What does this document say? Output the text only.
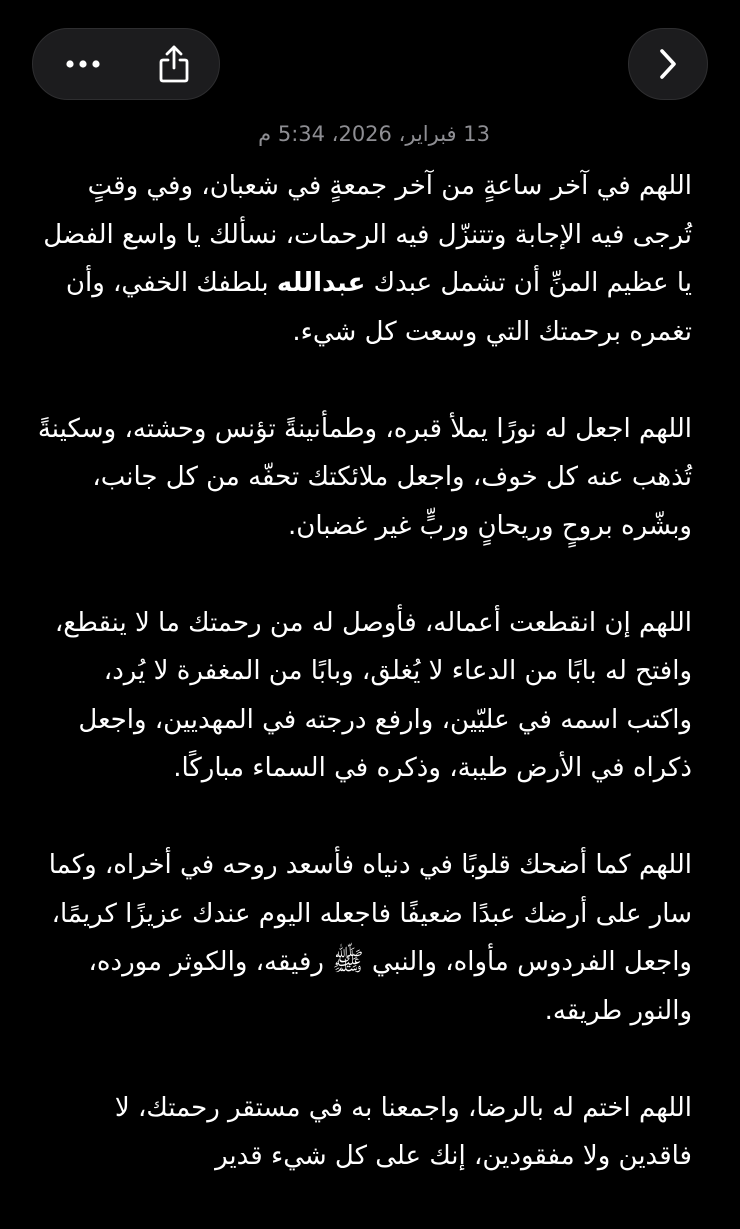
13 فبراير، 2026، 5:34 م

اللهم في آخر ساعةٍ من آخر جمعةٍ في شعبان، وفي وقتٍ تُرجى فيه الإجابة وتتنزّل فيه الرحمات، نسألك يا واسع الفضل يا عظيم المنِّ أن تشمل عبدك عبدالله بلطفك الخفي، وأن تغمره برحمتك التي وسعت كل شيء.

اللهم اجعل له نورًا يملأ قبره، وطمأنينةً تؤنس وحشته، وسكينةً تُذهب عنه كل خوف، واجعل ملائكتك تحفّه من كل جانب، وبشّره بروحٍ وريحانٍ وربٍّ غير غضبان.

اللهم إن انقطعت أعماله، فأوصل له من رحمتك ما لا ينقطع، وافتح له بابًا من الدعاء لا يُغلق، وبابًا من المغفرة لا يُرد، واكتب اسمه في عليّين، وارفع درجته في المهديين، واجعل ذكراه في الأرض طيبة، وذكره في السماء مباركًا.

اللهم كما أضحك قلوبًا في دنياه فأسعد روحه في أخراه، وكما سار على أرضك عبدًا ضعيفًا فاجعله اليوم عندك عزيزًا كريمًا، واجعل الفردوس مأواه، والنبي ﷺ رفيقه، والكوثر مورده، والنور طريقه.

اللهم اختم له بالرضا، واجمعنا به في مستقر رحمتك، لا فاقدين ولا مفقودين، إنك على كل شيء قدير
